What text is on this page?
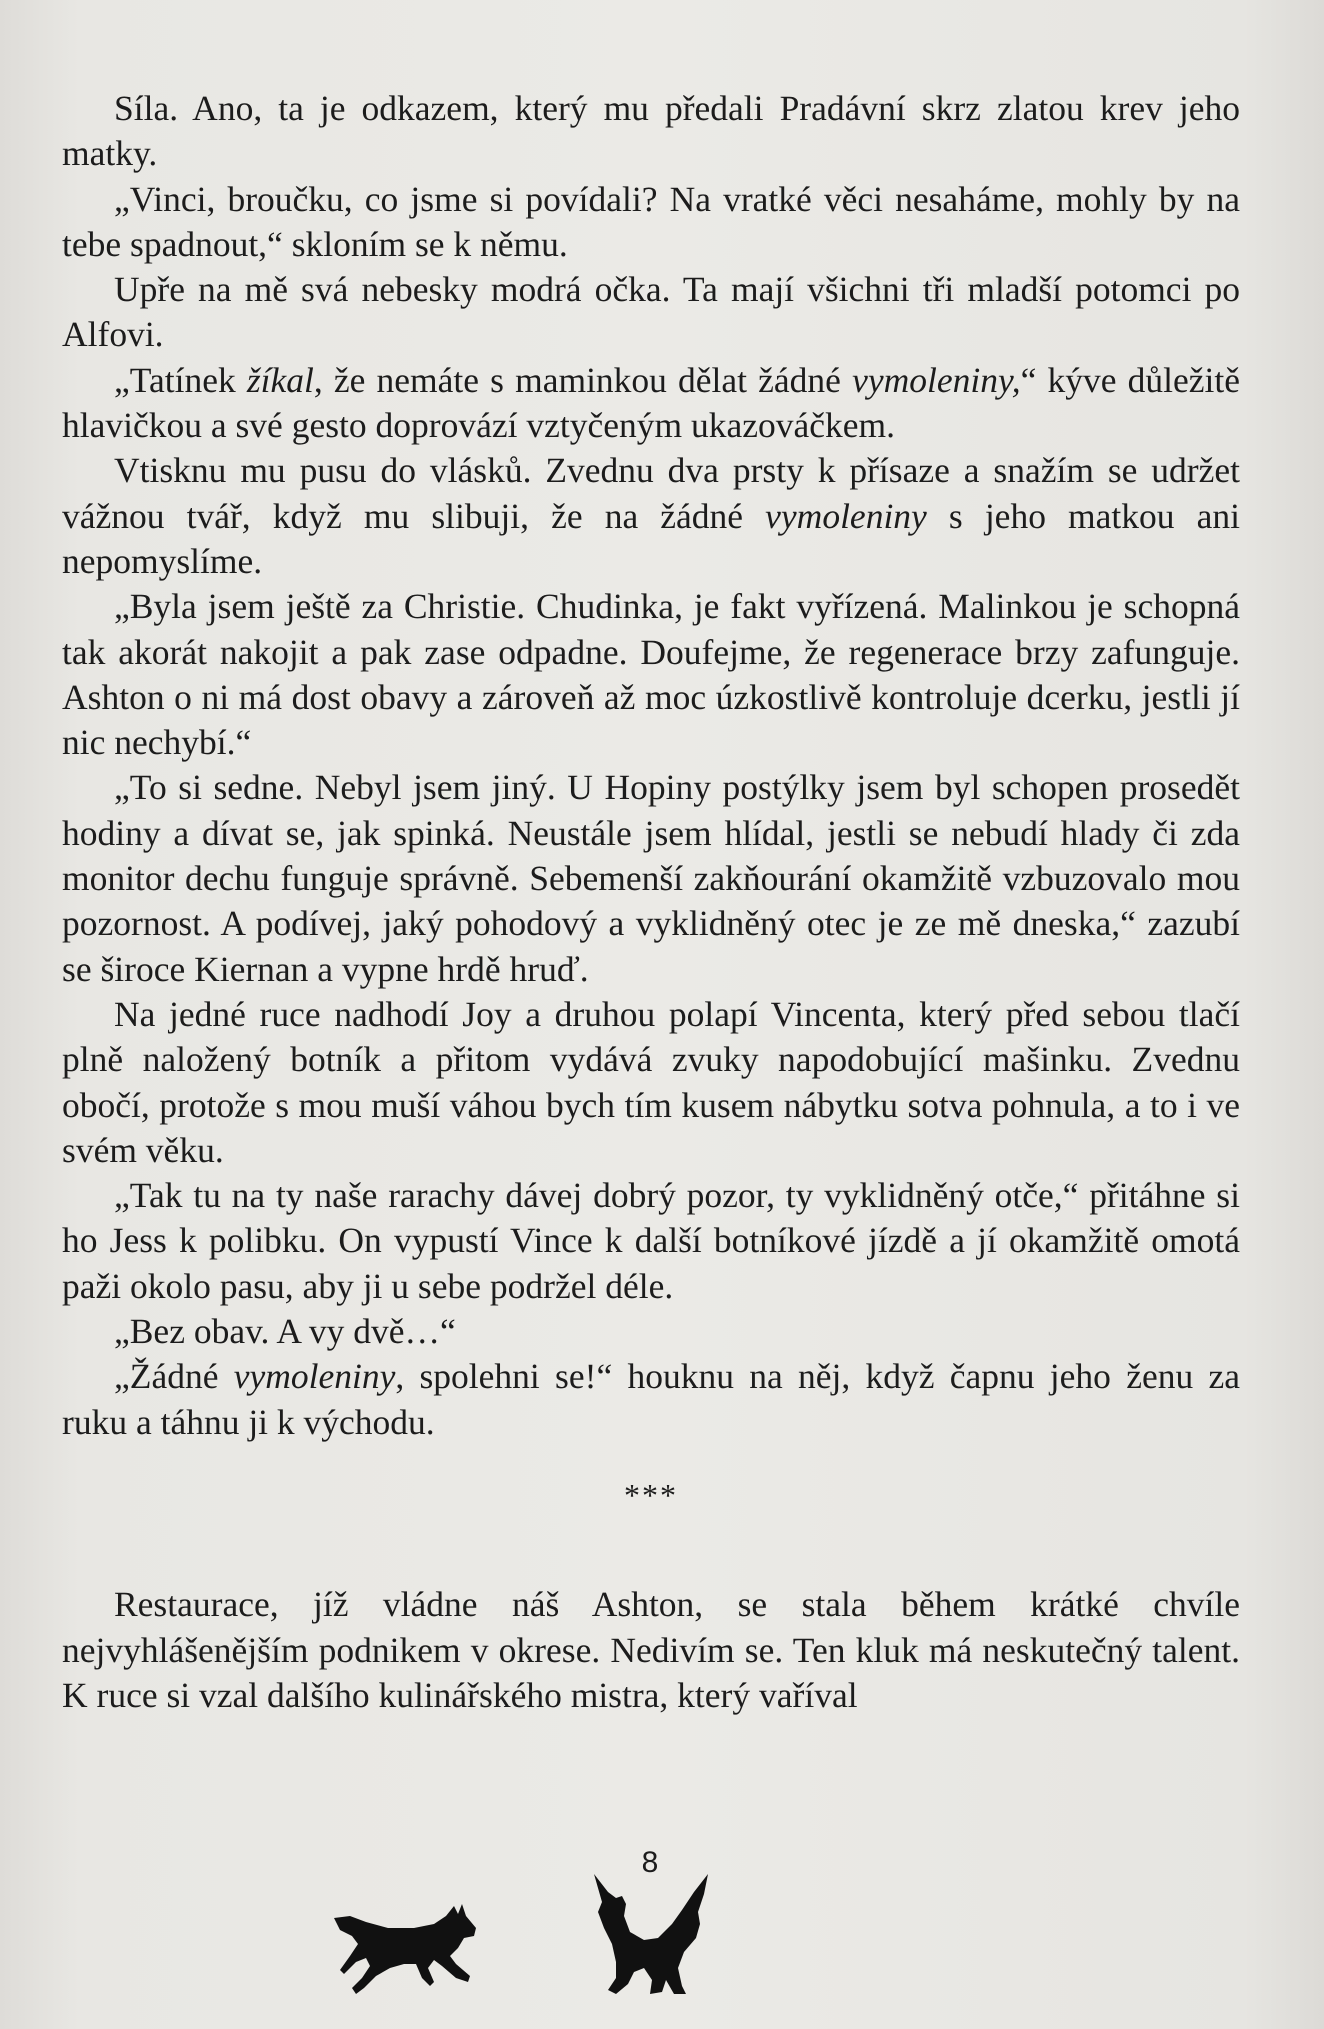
Síla. Ano, ta je odkazem, který mu předali Pradávní skrz zlatou krev jeho matky.

„Vinci, broučku, co jsme si povídali? Na vratké věci nesaháme, mohly by na tebe spadnout,“ skloním se k němu.

Upře na mě svá nebesky modrá očka. Ta mají všichni tři mladší potomci po Alfovi.

„Tatínek žíkal, že nemáte s maminkou dělat žádné vymoleniny,“ kýve důležitě hlavičkou a své gesto doprovází vztyčeným ukazováčkem.

Vtisknu mu pusu do vlásků. Zvednu dva prsty k přísaze a snažím se udržet vážnou tvář, když mu slibuji, že na žádné vymoleniny s jeho matkou ani nepomyslíme.

„Byla jsem ještě za Christie. Chudinka, je fakt vyřízená. Malinkou je schopná tak akorát nakojit a pak zase odpadne. Doufejme, že regenerace brzy zafunguje. Ashton o ni má dost obavy a zároveň až moc úzkostlivě kontroluje dcerku, jestli jí nic nechybí.“

„To si sedne. Nebyl jsem jiný. U Hopiny postýlky jsem byl schopen prosedět hodiny a dívat se, jak spinká. Neustále jsem hlídal, jestli se nebudí hlady či zda monitor dechu funguje správně. Sebemenší zakňourání okamžitě vzbuzovalo mou pozornost. A podívej, jaký pohodový a vyklidněný otec je ze mě dneska,“ zazubí se široce Kiernan a vypne hrdě hruď.

Na jedné ruce nadhodí Joy a druhou polapí Vincenta, který před sebou tlačí plně naložený botník a přitom vydává zvuky napodobující mašinku. Zvednu obočí, protože s mou muší váhou bych tím kusem nábytku sotva pohnula, a to i ve svém věku.

„Tak tu na ty naše rarachy dávej dobrý pozor, ty vyklidněný otče,“ přitáhne si ho Jess k polibku. On vypustí Vince k další botníkové jízdě a jí okamžitě omotá paži okolo pasu, aby ji u sebe podržel déle.

„Bez obav. A vy dvě…“

„Žádné vymoleniny, spolehni se!“ houknu na něj, když čapnu jeho ženu za ruku a táhnu ji k východu.

***

Restaurace, jíž vládne náš Ashton, se stala během krátké chvíle nejvyhlášenějším podnikem v okrese. Nedivím se. Ten kluk má neskutečný talent. K ruce si vzal dalšího kulinářského mistra, který vaříval

8
